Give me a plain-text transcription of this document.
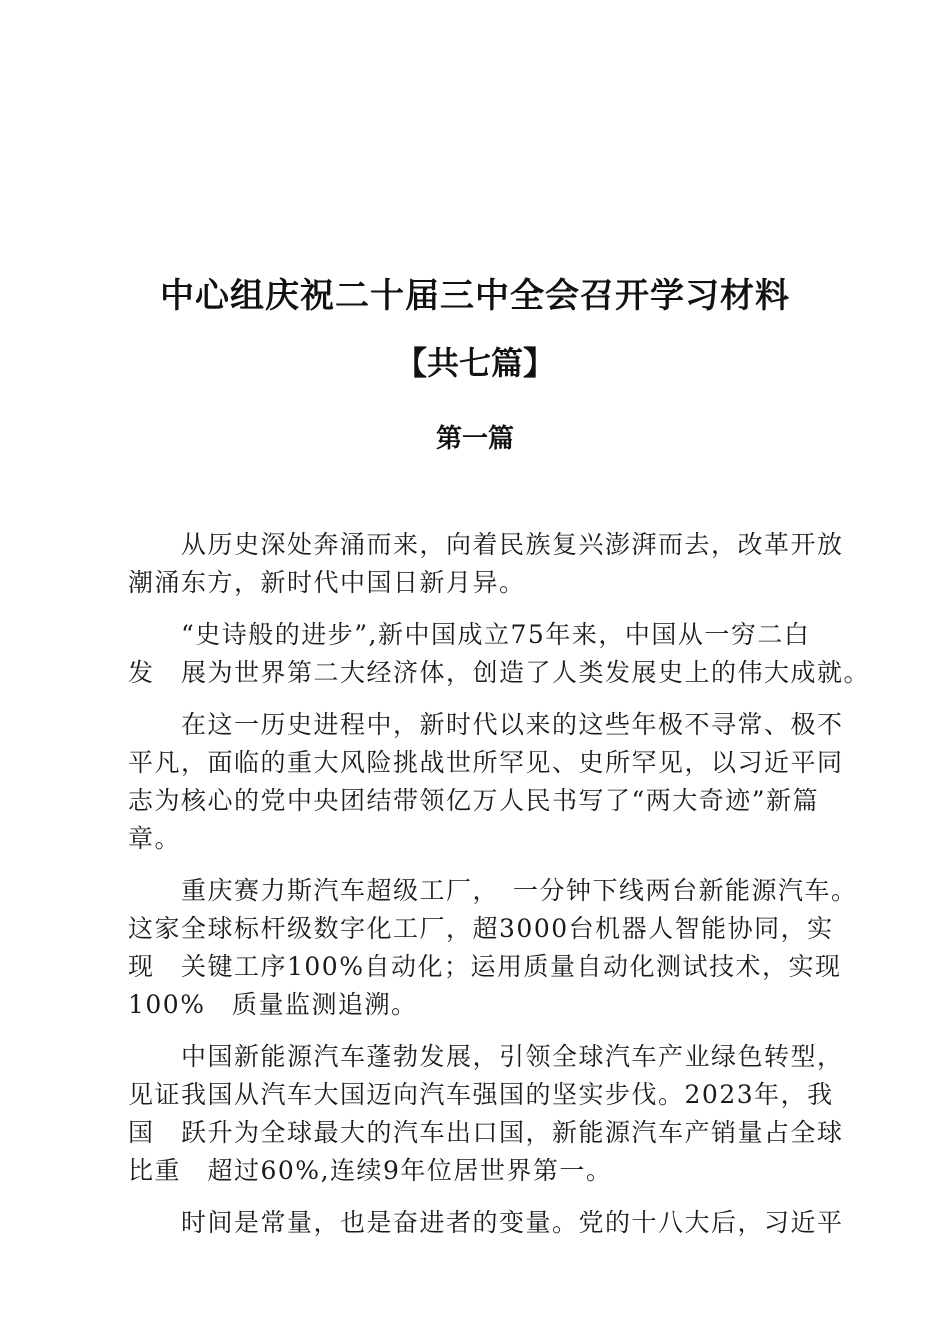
中心组庆祝二十届三中全会召开学习材料
【共七篇】
第一篇
　　从历史深处奔涌而来，向着民族复兴澎湃而去，改革开放
潮涌东方，新时代中国日新月异。
　　“史诗般的进步”,新中国成立75年来，中国从一穷二白
发　展为世界第二大经济体，创造了人类发展史上的伟大成就。
　　在这一历史进程中，新时代以来的这些年极不寻常、极不
平凡，面临的重大风险挑战世所罕见、史所罕见，以习近平同
志为核心的党中央团结带领亿万人民书写了“两大奇迹”新篇
章。
　　重庆赛力斯汽车超级工厂，　一分钟下线两台新能源汽车。
这家全球标杆级数字化工厂，超3000台机器人智能协同，实
现　关键工序100%自动化；运用质量自动化测试技术，实现
100%　质量监测追溯。
　　中国新能源汽车蓬勃发展，引领全球汽车产业绿色转型，
见证我国从汽车大国迈向汽车强国的坚实步伐。2023年，我
国　跃升为全球最大的汽车出口国，新能源汽车产销量占全球
比重　超过60%,连续9年位居世界第一。
　　时间是常量，也是奋进者的变量。党的十八大后，习近平
